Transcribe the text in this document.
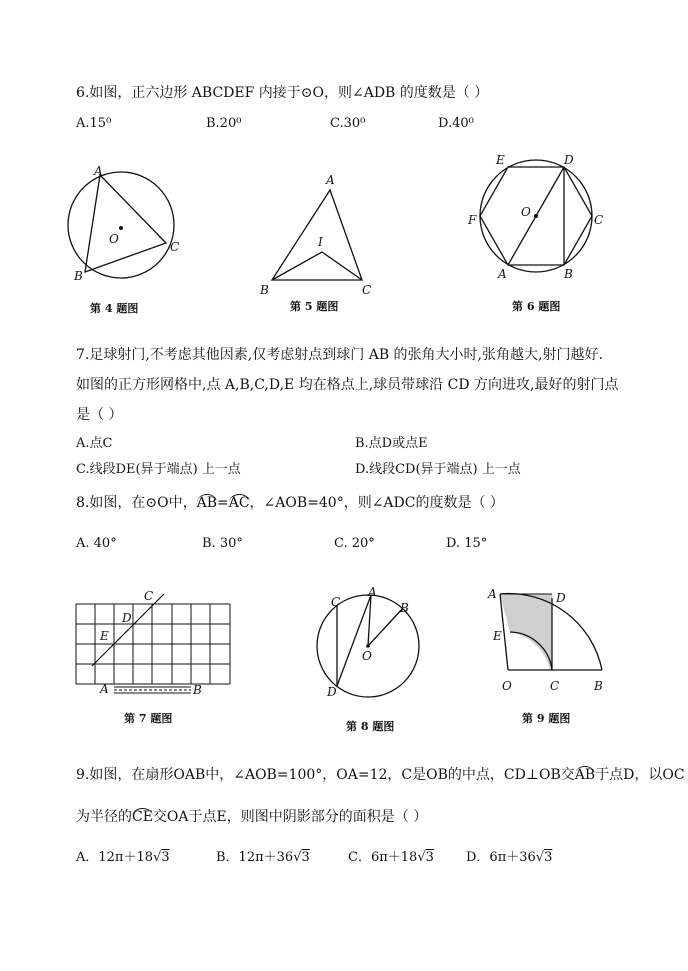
6.如图，正六边形 ABCDEF 内接于⊙O，则∠ADB 的度数是（ ）
A.15⁰	B.20⁰	C.30⁰	D.40⁰
A
B
C
O
第 4 题图
A
B	C
I
第 5 题图
E	D
F	C
O
A	B
第 6 题图
7.足球射门,不考虑其他因素,仅考虑射点到球门 AB 的张角大小时,张角越大,射门越好.
如图的正方形网格中,点 A,B,C,D,E 均在格点上,球员带球沿 CD 方向进攻,最好的射门点
是（ ）
A.点C	B.点D或点E
C.线段DE(异于端点) 上一点	D.线段CD(异于端点) 上一点
8.如图，在⊙O中，AB=AC，∠AOB=40°，则∠ADC的度数是（ ）
A. 40°	B. 30°	C. 20°	D. 15°
C
D
E
A	B
第 7 题图
C
A
B
O
D
第 8 题图
A	D
E
O	C	B
第 9 题图
9.如图，在扇形OAB中，∠AOB=100°，OA=12，C是OB的中点，CD⊥OB交AB于点D，以OC
为半径的CE交OA于点E，则图中阴影部分的面积是（ ）
A．12π＋18√3	B．12π＋36√3	C．6π＋18√3 D．6π＋36√3
